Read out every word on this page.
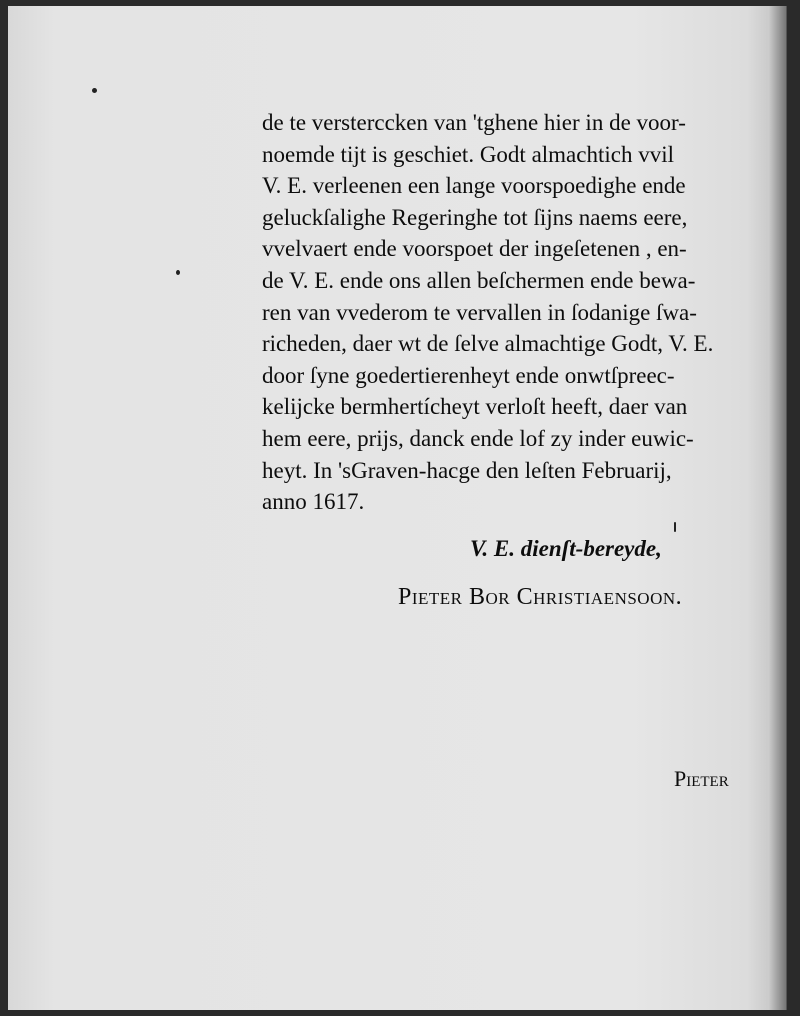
de te versterccken van 'tghene hier in de voor-
noemde tijt is geschiet. Godt almachtich vvil
V. E. verleenen een lange voorspoedighe ende
geluckſalighe Regeringhe tot ſijns naems eere,
vvelvaert ende voorspoet der ingeſetenen , en-
de V. E. ende ons allen beſchermen ende bewa-
ren van vvederom te vervallen in ſodanige ſwa-
richeden, daer wt de ſelve almachtige Godt, V. E.
door ſyne goedertierenheyt ende onwtſpreec-
kelijcke bermhertícheyt verloſt heeft, daer van
hem eere, prijs, danck ende lof zy inder euwic-
heyt. In 'sGraven-hacge den leſten Februarij,
anno 1617.
V. E. dienſt-bereyde,
Pieter Bor Christiaensoon.
Pieter
